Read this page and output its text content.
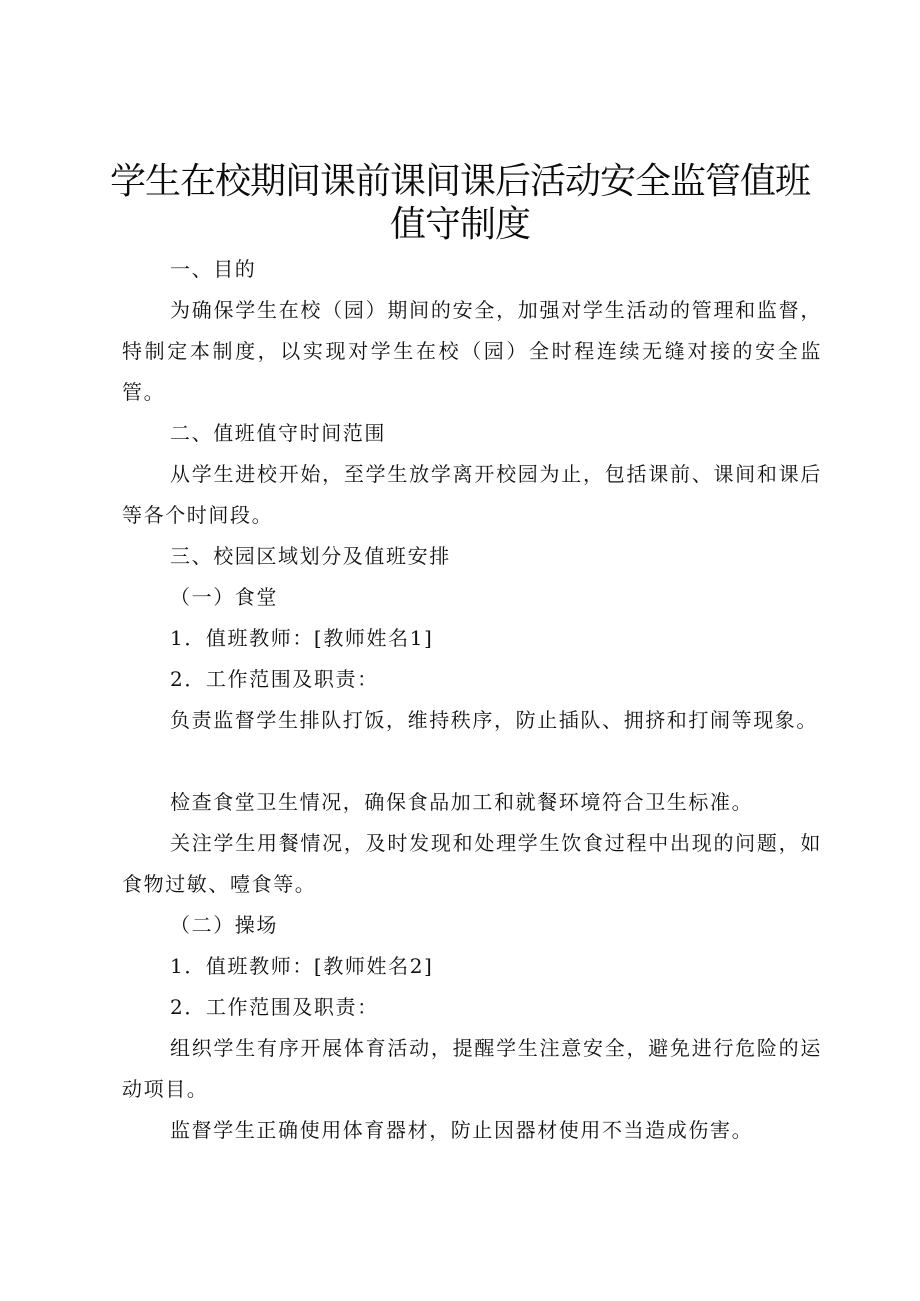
学生在校期间课前课间课后活动安全监管值班
值守制度

一、目的

为确保学生在校（园）期间的安全，加强对学生活动的管理和监督，特制定本制度，以实现对学生在校（园）全时程连续无缝对接的安全监管。

二、值班值守时间范围

从学生进校开始，至学生放学离开校园为止，包括课前、课间和课后等各个时间段。

三、校园区域划分及值班安排

（一）食堂

1．值班教师：[教师姓名1]

2．工作范围及职责：

负责监督学生排队打饭，维持秩序，防止插队、拥挤和打闹等现象。

检查食堂卫生情况，确保食品加工和就餐环境符合卫生标准。

关注学生用餐情况，及时发现和处理学生饮食过程中出现的问题，如食物过敏、噎食等。

（二）操场

1．值班教师：[教师姓名2]

2．工作范围及职责：

组织学生有序开展体育活动，提醒学生注意安全，避免进行危险的运动项目。

监督学生正确使用体育器材，防止因器材使用不当造成伤害。
